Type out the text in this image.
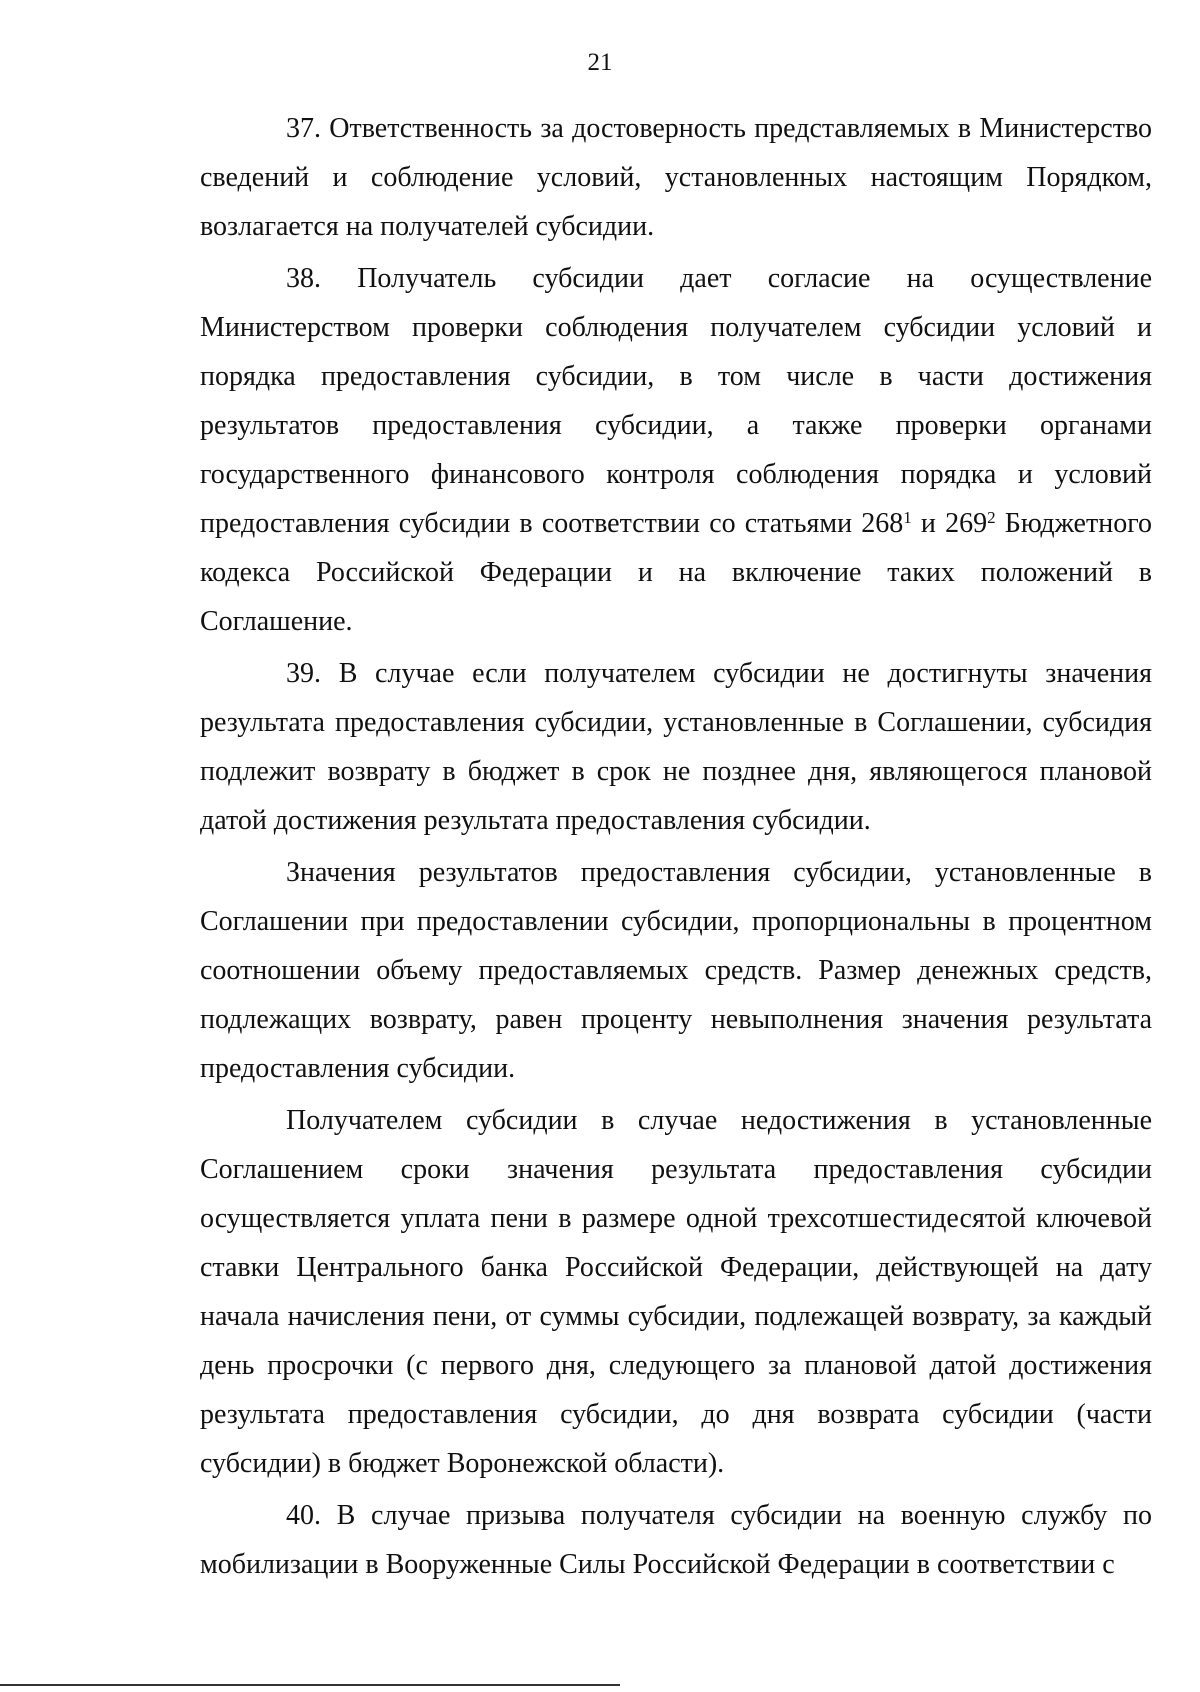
21

37. Ответственность за достоверность представляемых в Министерство сведений и соблюдение условий, установленных настоящим Порядком, возлагается на получателей субсидии.

38. Получатель субсидии дает согласие на осуществление Министерством проверки соблюдения получателем субсидии условий и порядка предоставления субсидии, в том числе в части достижения результатов предоставления субсидии, а также проверки органами государственного финансового контроля соблюдения порядка и условий предоставления субсидии в соответствии со статьями $268^1$ и $269^2$ Бюджетного кодекса Российской Федерации и на включение таких положений в Соглашение.

39. В случае если получателем субсидии не достигнуты значения результата предоставления субсидии, установленные в Соглашении, субсидия подлежит возврату в бюджет в срок не позднее дня, являющегося плановой датой достижения результата предоставления субсидии.

Значения результатов предоставления субсидии, установленные в Соглашении при предоставлении субсидии, пропорциональны в процентном соотношении объему предоставляемых средств. Размер денежных средств, подлежащих возврату, равен проценту невыполнения значения результата предоставления субсидии.

Получателем субсидии в случае недостижения в установленные Соглашением сроки значения результата предоставления субсидии осуществляется уплата пени в размере одной трехсотшестидесятой ключевой ставки Центрального банка Российской Федерации, действующей на дату начала начисления пени, от суммы субсидии, подлежащей возврату, за каждый день просрочки (с первого дня, следующего за плановой датой достижения результата предоставления субсидии, до дня возврата субсидии (части субсидии) в бюджет Воронежской области).

40. В случае призыва получателя субсидии на военную службу по мобилизации в Вооруженные Силы Российской Федерации в соответствии с
